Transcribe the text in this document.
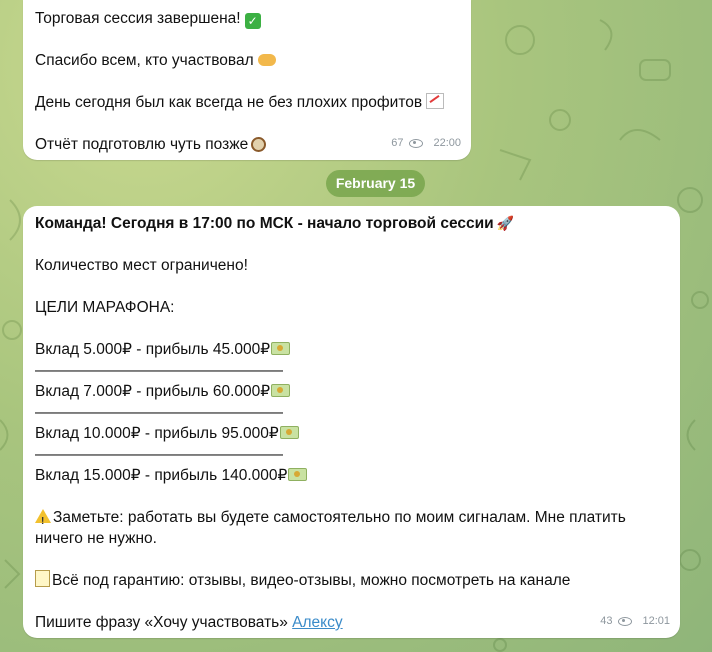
Торговая сессия завершена! ✓
Спасибо всем, кто участвовал
День сегодня был как всегда не без плохих профитов
Отчёт подготовлю чуть позже	67	22:00
February 15
Команда! Сегодня в 17:00 по МСК - начало торговой сессии 🚀
Количество мест ограничено!
ЦЕЛИ МАРАФОНА:
Вклад 5.000₽ - прибыль 45.000₽
————————————————
Вклад 7.000₽ - прибыль 60.000₽
————————————————
Вклад 10.000₽ - прибыль 95.000₽
————————————————
Вклад 15.000₽ - прибыль 140.000₽
! Заметьте: работать вы будете самостоятельно по моим сигналам. Мне платить
ничего не нужно.
Всё под гарантию: отзывы, видео-отзывы, можно посмотреть на канале
Пишите фразу «Хочу участвовать» Алексу	43	12:01
